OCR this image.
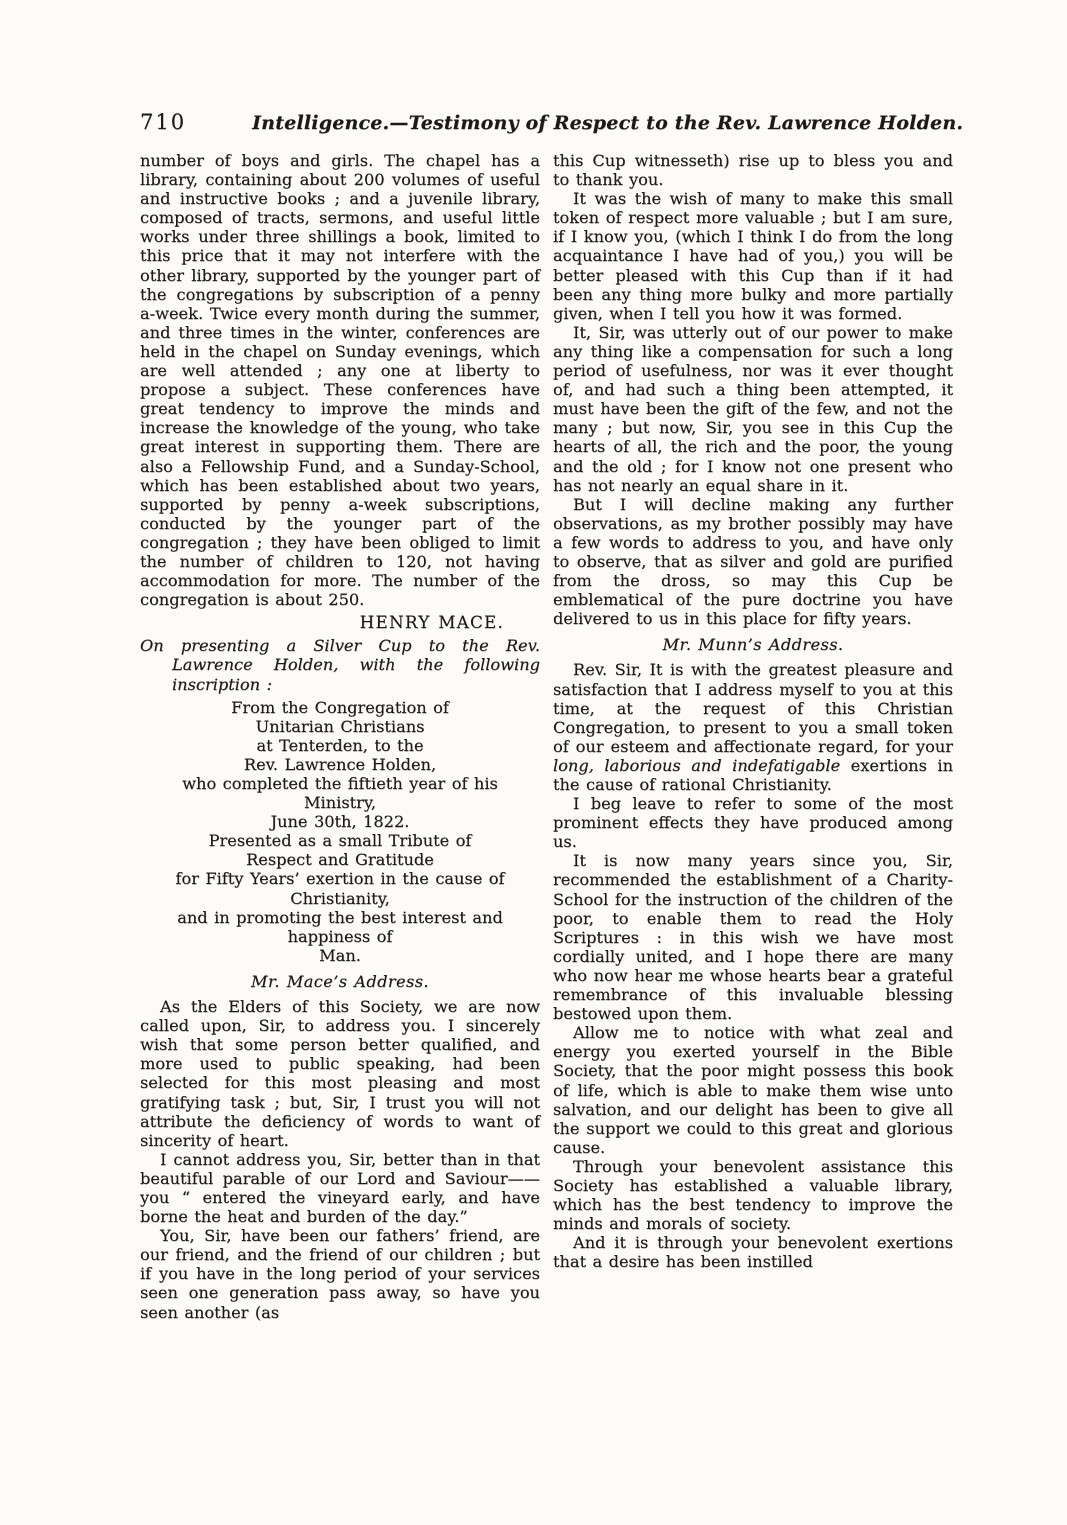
710	Intelligence.—Testimony of Respect to the Rev. Lawrence Holden.

number of boys and girls. The chapel has a library, containing about 200 volumes of useful and instructive books ; and a juvenile library, composed of tracts, sermons, and useful little works under three shillings a book, limited to this price that it may not interfere with the other library, supported by the younger part of the congregations by subscription of a penny a-week. Twice every month during the summer, and three times in the winter, conferences are held in the chapel on Sunday evenings, which are well attended ; any one at liberty to propose a subject. These conferences have great tendency to improve the minds and increase the knowledge of the young, who take great interest in supporting them. There are also a Fellowship Fund, and a Sunday-School, which has been established about two years, supported by penny a-week subscriptions, conducted by the younger part of the congregation ; they have been obliged to limit the number of children to 120, not having accommodation for more. The number of the congregation is about 250.

HENRY MACE.

On presenting a Silver Cup to the Rev. Lawrence Holden, with the following inscription :

From the Congregation of
Unitarian Christians
at Tenterden, to the
Rev. Lawrence Holden,
who completed the fiftieth year of his
Ministry,
June 30th, 1822.
Presented as a small Tribute of
Respect and Gratitude
for Fifty Years’ exertion in the cause of
Christianity,
and in promoting the best interest and
happiness of
Man.

Mr. Mace’s Address.

As the Elders of this Society, we are now called upon, Sir, to address you. I sincerely wish that some person better qualified, and more used to public speaking, had been selected for this most pleasing and most gratifying task ; but, Sir, I trust you will not attribute the deficiency of words to want of sincerity of heart.

I cannot address you, Sir, better than in that beautiful parable of our Lord and Saviour——you “ entered the vineyard early, and have borne the heat and burden of the day.”

You, Sir, have been our fathers’ friend, are our friend, and the friend of our children ; but if you have in the long period of your services seen one generation pass away, so have you seen another (as

this Cup witnesseth) rise up to bless you and to thank you.

It was the wish of many to make this small token of respect more valuable ; but I am sure, if I know you, (which I think I do from the long acquaintance I have had of you,) you will be better pleased with this Cup than if it had been any thing more bulky and more partially given, when I tell you how it was formed.

It, Sir, was utterly out of our power to make any thing like a compensation for such a long period of usefulness, nor was it ever thought of, and had such a thing been attempted, it must have been the gift of the few, and not the many ; but now, Sir, you see in this Cup the hearts of all, the rich and the poor, the young and the old ; for I know not one present who has not nearly an equal share in it.

But I will decline making any further observations, as my brother possibly may have a few words to address to you, and have only to observe, that as silver and gold are purified from the dross, so may this Cup be emblematical of the pure doctrine you have delivered to us in this place for fifty years.

Mr. Munn’s Address.

Rev. Sir, It is with the greatest pleasure and satisfaction that I address myself to you at this time, at the request of this Christian Congregation, to present to you a small token of our esteem and affectionate regard, for your long, laborious and indefatigable exertions in the cause of rational Christianity.

I beg leave to refer to some of the most prominent effects they have produced among us.

It is now many years since you, Sir, recommended the establishment of a Charity-School for the instruction of the children of the poor, to enable them to read the Holy Scriptures : in this wish we have most cordially united, and I hope there are many who now hear me whose hearts bear a grateful remembrance of this invaluable blessing bestowed upon them.

Allow me to notice with what zeal and energy you exerted yourself in the Bible Society, that the poor might possess this book of life, which is able to make them wise unto salvation, and our delight has been to give all the support we could to this great and glorious cause.

Through your benevolent assistance this Society has established a valuable library, which has the best tendency to improve the minds and morals of society.

And it is through your benevolent exertions that a desire has been instilled
